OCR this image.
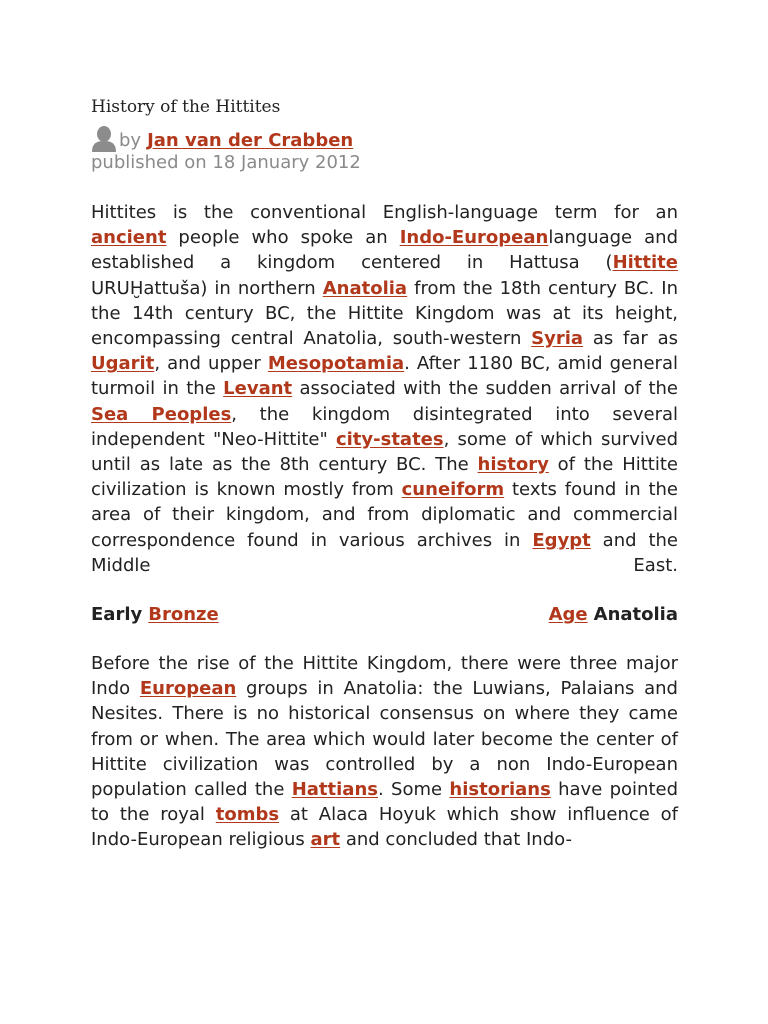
History of the Hittites
by Jan van der Crabben
published on 18 January 2012

Hittites is the conventional English-language term for an ancient people who spoke an Indo-Europeanlanguage and established a kingdom centered in Hattusa (Hittite URUḪattuša) in northern Anatolia from the 18th century BC. In the 14th century BC, the Hittite Kingdom was at its height, encompassing central Anatolia, south-western Syria as far as Ugarit, and upper Mesopotamia. After 1180 BC, amid general turmoil in the Levant associated with the sudden arrival of the Sea Peoples, the kingdom disintegrated into several independent "Neo-Hittite" city-states, some of which survived until as late as the 8th century BC. The history of the Hittite civilization is known mostly from cuneiform texts found in the area of their kingdom, and from diplomatic and commercial correspondence found in various archives in Egypt and the Middle East.

Early Bronze	Age Anatolia

Before the rise of the Hittite Kingdom, there were three major Indo European groups in Anatolia: the Luwians, Palaians and Nesites. There is no historical consensus on where they came from or when. The area which would later become the center of Hittite civilization was controlled by a non Indo-European population called the Hattians. Some historians have pointed to the royal tombs at Alaca Hoyuk which show influence of Indo-European religious art and concluded that Indo-
